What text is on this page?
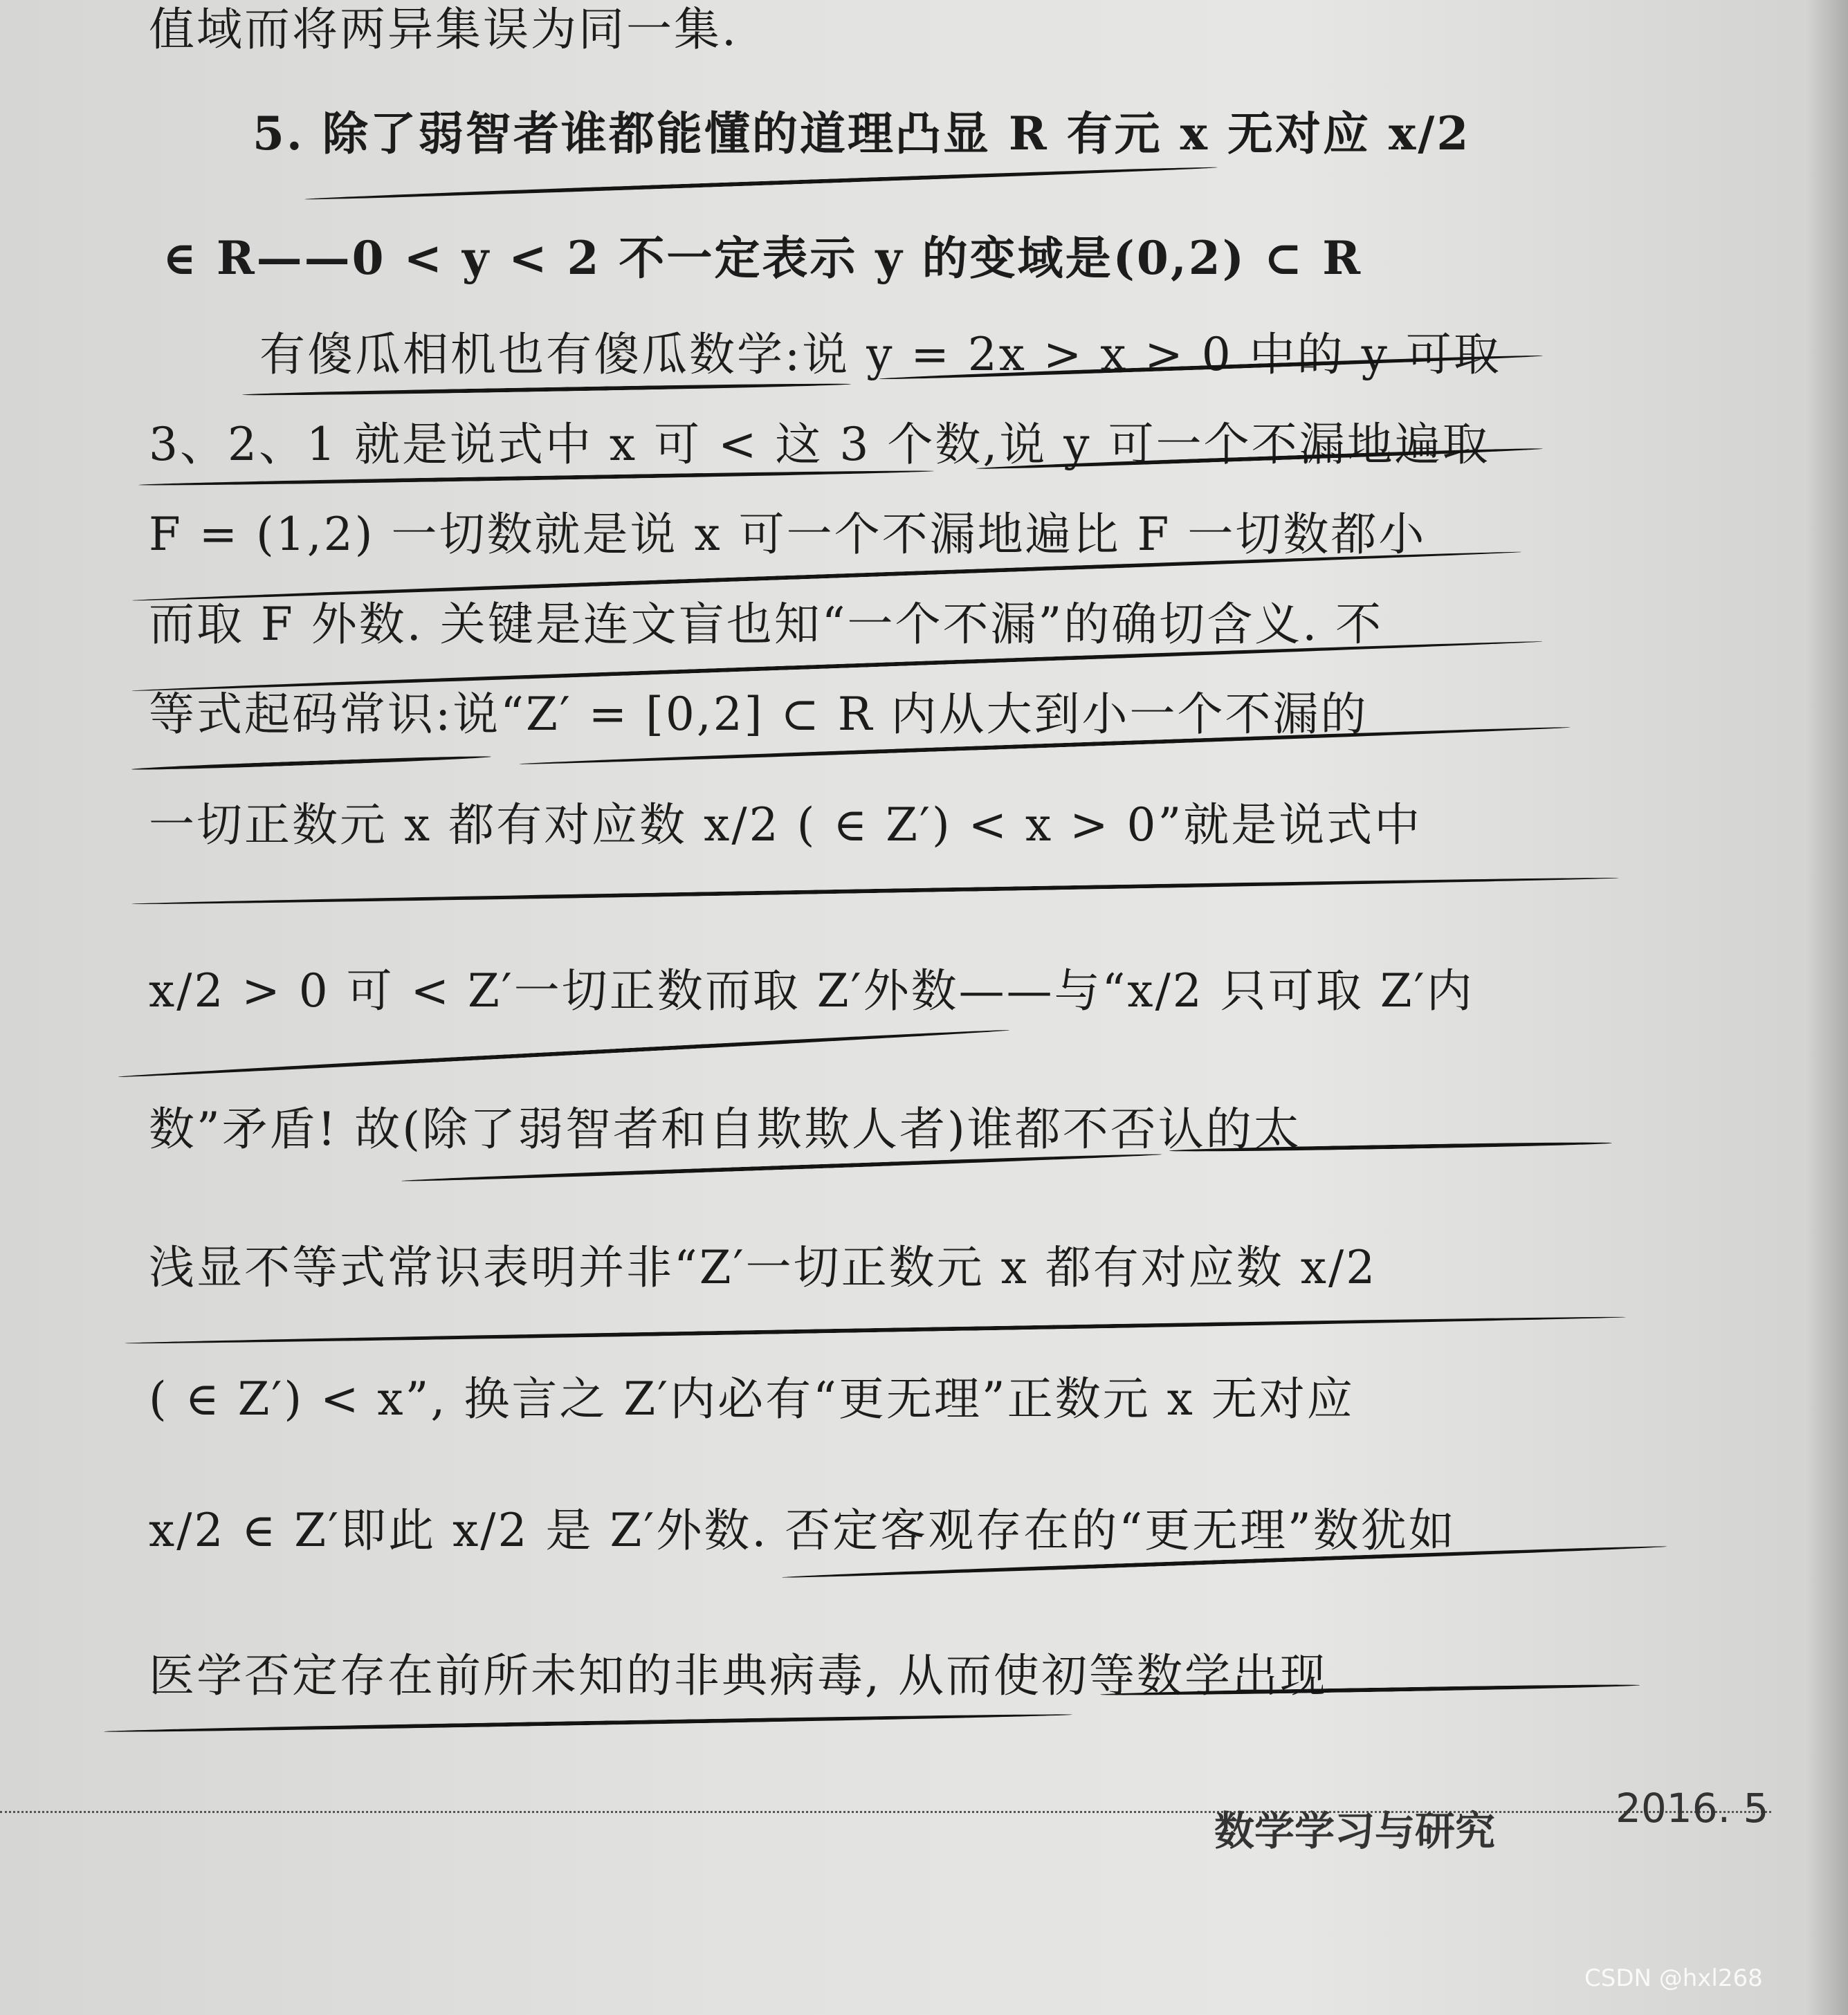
值域而将两异集误为同一集.
5. 除了弱智者谁都能懂的道理凸显 R 有元 x 无对应 x/2
∈ R——0 < y < 2 不一定表示 y 的变域是(0,2) ⊂ R
有傻瓜相机也有傻瓜数学:说 y = 2x > x > 0 中的 y 可取
3、2、1 就是说式中 x 可 < 这 3 个数,说 y 可一个不漏地遍取
F = (1,2) 一切数就是说 x 可一个不漏地遍比 F 一切数都小
而取 F 外数. 关键是连文盲也知“一个不漏”的确切含义. 不
等式起码常识:说“Z′ = [0,2] ⊂ R 内从大到小一个不漏的
一切正数元 x 都有对应数 x/2 ( ∈ Z′) < x > 0”就是说式中
x/2 > 0 可 < Z′一切正数而取 Z′外数——与“x/2 只可取 Z′内
数”矛盾! 故(除了弱智者和自欺欺人者)谁都不否认的太
浅显不等式常识表明并非“Z′一切正数元 x 都有对应数 x/2
( ∈ Z′) < x”, 换言之 Z′内必有“更无理”正数元 x 无对应
x/2 ∈ Z′即此 x/2 是 Z′外数. 否定客观存在的“更无理”数犹如
医学否定存在前所未知的非典病毒, 从而使初等数学出现
数学学习与研究	2016. 5
CSDN @hxl268
